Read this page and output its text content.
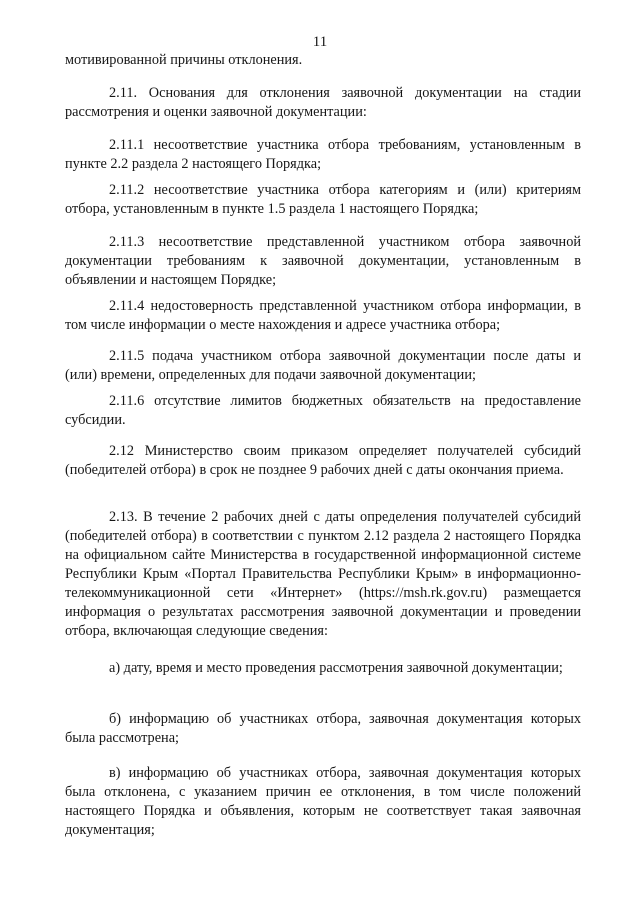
11

мотивированной причины отклонения.

2.11. Основания для отклонения заявочной документации на стадии рассмотрения и оценки заявочной документации:

2.11.1 несоответствие участника отбора требованиям, установленным в пункте 2.2 раздела 2 настоящего Порядка;

2.11.2 несоответствие участника отбора категориям и (или) критериям отбора, установленным в пункте 1.5 раздела 1 настоящего Порядка;

2.11.3 несоответствие представленной участником отбора заявочной документации требованиям к заявочной документации, установленным в объявлении и настоящем Порядке;

2.11.4 недостоверность представленной участником отбора информации, в том числе информации о месте нахождения и адресе участника отбора;

2.11.5 подача участником отбора заявочной документации после даты и (или) времени, определенных для подачи заявочной документации;

2.11.6 отсутствие лимитов бюджетных обязательств на предоставление субсидии.

2.12 Министерство своим приказом определяет получателей субсидий (победителей отбора) в срок не позднее 9 рабочих дней с даты окончания приема.

2.13. В течение 2 рабочих дней с даты определения получателей субсидий (победителей отбора) в соответствии с пунктом 2.12 раздела 2 настоящего Порядка на официальном сайте Министерства в государственной информационной системе Республики Крым «Портал Правительства Республики Крым» в информационно-телекоммуникационной сети «Интернет» (https://msh.rk.gov.ru) размещается информация о результатах рассмотрения заявочной документации и проведении отбора, включающая следующие сведения:

а) дату, время и место проведения рассмотрения заявочной документации;

б) информацию об участниках отбора, заявочная документация которых была рассмотрена;

в) информацию об участниках отбора, заявочная документация которых была отклонена, с указанием причин ее отклонения, в том числе положений настоящего Порядка и объявления, которым не соответствует такая заявочная документация;
